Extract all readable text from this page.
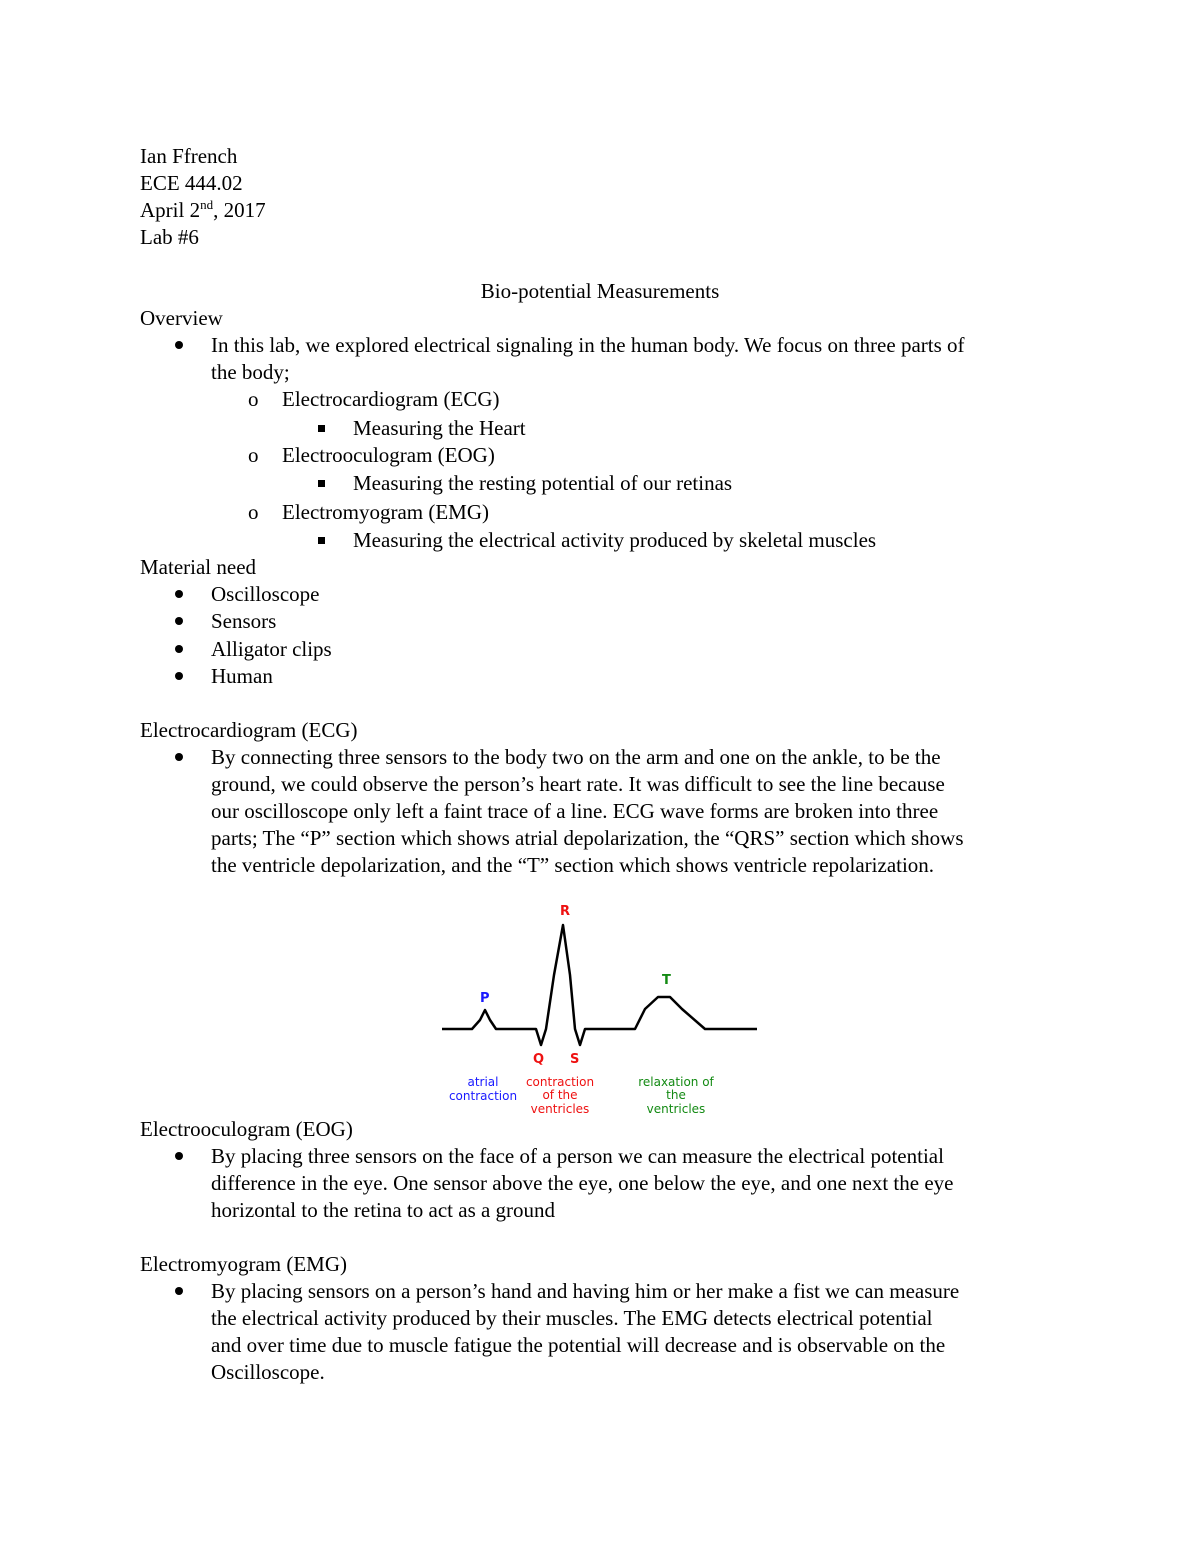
Ian Ffrench
ECE 444.02
April 2nd, 2017
Lab #6
Bio-potential Measurements
Overview
In this lab, we explored electrical signaling in the human body. We focus on three parts of
the body;
o Electrocardiogram (ECG)
Measuring the Heart
o Electrooculogram (EOG)
Measuring the resting potential of our retinas
o Electromyogram (EMG)
Measuring the electrical activity produced by skeletal muscles
Material need
Oscilloscope
Sensors
Alligator clips
Human
Electrocardiogram (ECG)
By connecting three sensors to the body two on the arm and one on the ankle, to be the
ground, we could observe the person’s heart rate. It was difficult to see the line because
our oscilloscope only left a faint trace of a line. ECG wave forms are broken into three
parts; The “P” section which shows atrial depolarization, the “QRS” section which shows
the ventricle depolarization, and the “T” section which shows ventricle repolarization.
R
P
T
Q S
atrial
contraction
contraction
of the
ventricles
relaxation of
the
ventricles
Electrooculogram (EOG)
By placing three sensors on the face of a person we can measure the electrical potential
difference in the eye. One sensor above the eye, one below the eye, and one next the eye
horizontal to the retina to act as a ground
Electromyogram (EMG)
By placing sensors on a person’s hand and having him or her make a fist we can measure
the electrical activity produced by their muscles. The EMG detects electrical potential
and over time due to muscle fatigue the potential will decrease and is observable on the
Oscilloscope.
